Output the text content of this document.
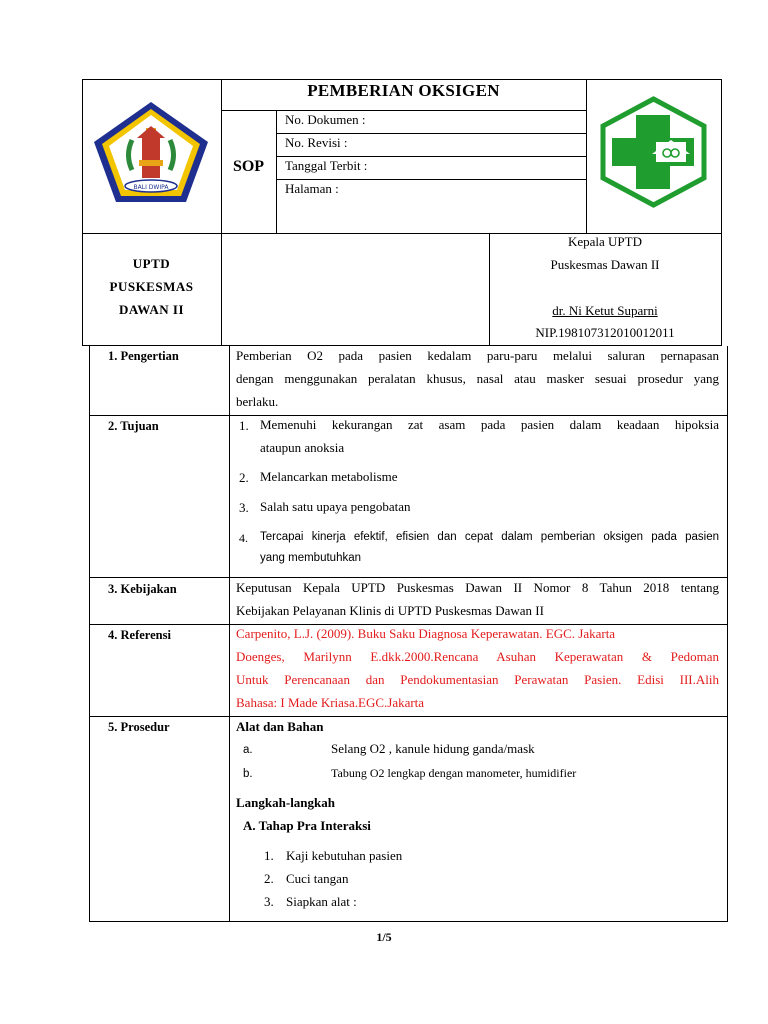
BALI DWIPA
PEMBERIAN OKSIGEN
SOP
No. Dokumen :
No. Revisi :
Tanggal Terbit :
Halaman :
UPTD
PUSKESMAS
DAWAN II
Kepala UPTD
Puskesmas Dawan II
dr. Ni Ketut Suparni
NIP.198107312010012011
1. Pengertian	Pemberian O2 pada pasien kedalam paru-paru melalui saluran pernapasan
dengan menggunakan peralatan khusus, nasal atau masker sesuai prosedur yang
berlaku.
2. Tujuan	1. Memenuhi kekurangan zat asam pada pasien dalam keadaan hipoksia
ataupun anoksia
2. Melancarkan metabolisme
3. Salah satu upaya pengobatan
4. Tercapai kinerja efektif, efisien dan cepat dalam pemberian oksigen pada pasien
yang membutuhkan
3. Kebijakan	Keputusan Kepala UPTD Puskesmas Dawan II Nomor 8 Tahun 2018 tentang
Kebijakan Pelayanan Klinis di UPTD Puskesmas Dawan II
4. Referensi	Carpenito, L.J. (2009). Buku Saku Diagnosa Keperawatan. EGC. Jakarta
Doenges, Marilynn E.dkk.2000.Rencana Asuhan Keperawatan & Pedoman
Untuk Perencanaan dan Pendokumentasian Perawatan Pasien. Edisi III.Alih
Bahasa: I Made Kriasa.EGC.Jakarta
5. Prosedur	Alat dan Bahan
a.	Selang O2 , kanule hidung ganda/mask
b.	Tabung O2 lengkap dengan manometer, humidifier
Langkah-langkah
A. Tahap Pra Interaksi
1. Kaji kebutuhan pasien
2. Cuci tangan
3. Siapkan alat :
1/5
